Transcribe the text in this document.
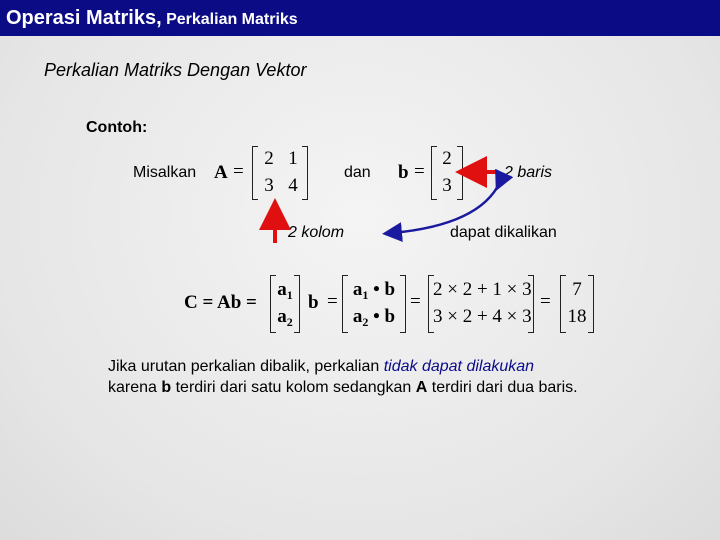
Operasi Matriks, Perkalian Matriks
Perkalian Matriks Dengan Vektor
Contoh:
Misalkan A =
2 1
3 4
dan b =
2
3
2 baris
2 kolom	dapat dikalikan
C = Ab =
$a_1$
$a_2$
b =
$a_1$ • b
$a_2$ • b
=
2 × 2 + 1 × 3
3 × 2 + 4 × 3
=
7
18
Jika urutan perkalian dibalik, perkalian tidak dapat dilakukan
karena b terdiri dari satu kolom sedangkan A terdiri dari dua baris.
